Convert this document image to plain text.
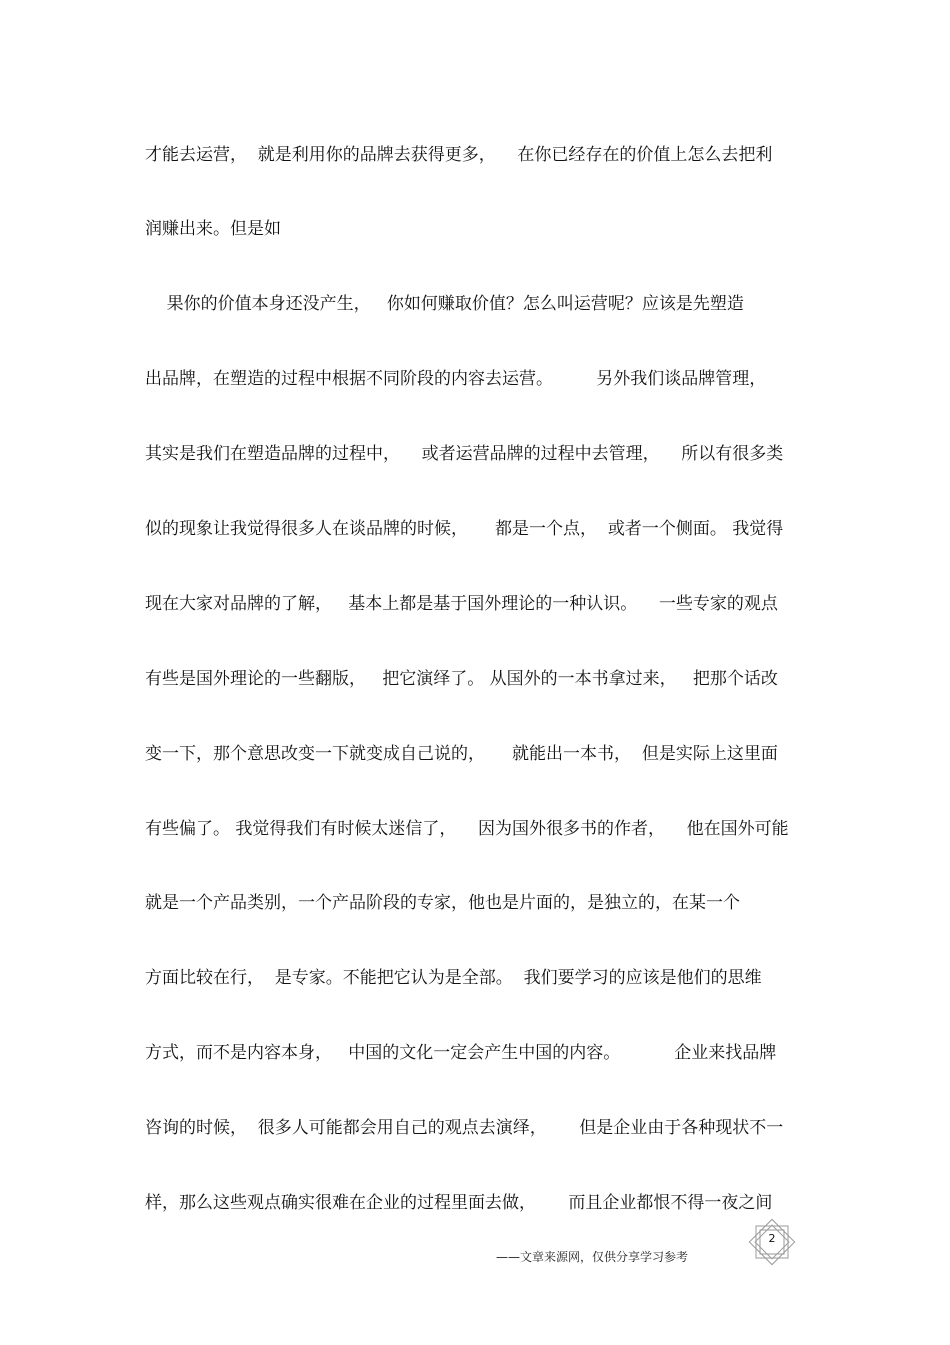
才能去运营，  就是利用你的品牌去获得更多，    在你已经存在的价值上怎么去把利
润赚出来。但是如
果你的价值本身还没产生，   你如何赚取价值？怎么叫运营呢？应该是先塑造
出品牌，在塑造的过程中根据不同阶段的内容去运营。        另外我们谈品牌管理，
其实是我们在塑造品牌的过程中，    或者运营品牌的过程中去管理，    所以有很多类
似的现象让我觉得很多人在谈品牌的时候，     都是一个点，  或者一个侧面。 我觉得
现在大家对品牌的了解，   基本上都是基于国外理论的一种认识。    一些专家的观点
有些是国外理论的一些翻版，   把它演绎了。 从国外的一本书拿过来，   把那个话改
变一下，那个意思改变一下就变成自己说的，     就能出一本书，  但是实际上这里面
有些偏了。 我觉得我们有时候太迷信了，    因为国外很多书的作者，    他在国外可能
就是一个产品类别，一个产品阶段的专家，他也是片面的，是独立的，在某一个
方面比较在行，  是专家。不能把它认为是全部。  我们要学习的应该是他们的思维
方式，而不是内容本身，   中国的文化一定会产生中国的内容。          企业来找品牌
咨询的时候，  很多人可能都会用自己的观点去演绎，      但是企业由于各种现状不一
样，那么这些观点确实很难在企业的过程里面去做，      而且企业都恨不得一夜之间
2
——文章来源网，仅供分享学习参考
